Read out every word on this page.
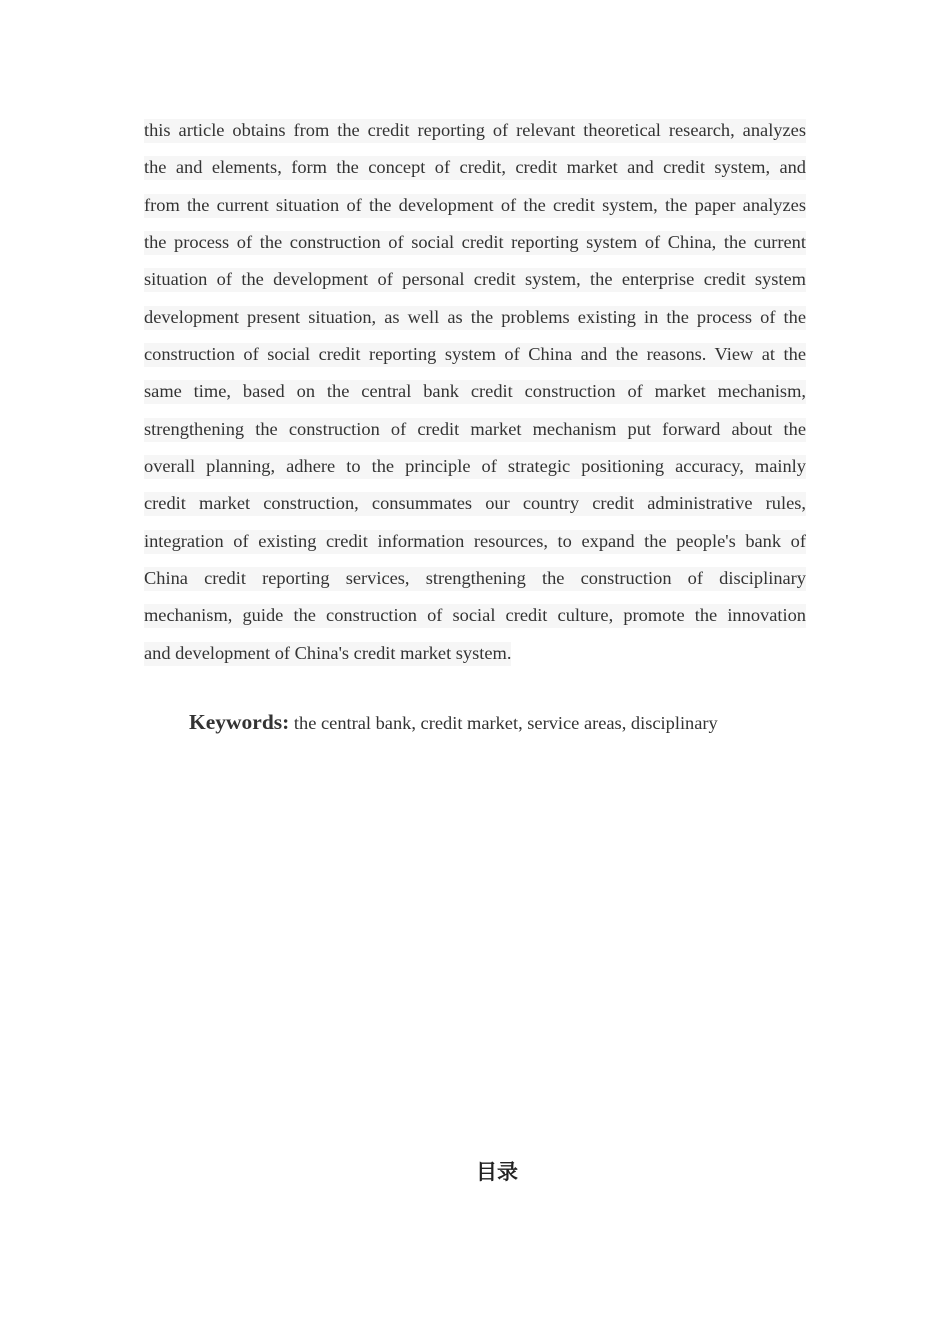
this article obtains from the credit reporting of relevant theoretical research, analyzes
the and elements, form the concept of credit, credit market and credit system, and
from the current situation of the development of the credit system, the paper analyzes
the process of the construction of social credit reporting system of China, the current
situation of the development of personal credit system, the enterprise credit system
development present situation, as well as the problems existing in the process of the
construction of social credit reporting system of China and the reasons. View at the
same time, based on the central bank credit construction of market mechanism,
strengthening the construction of credit market mechanism put forward about the
overall planning, adhere to the principle of strategic positioning accuracy, mainly
credit market construction, consummates our country credit administrative rules,
integration of existing credit information resources, to expand the people's bank of
China credit reporting services, strengthening the construction of disciplinary
mechanism, guide the construction of social credit culture, promote the innovation
and development of China's credit market system.
Keywords: the central bank, credit market, service areas, disciplinary
目录
